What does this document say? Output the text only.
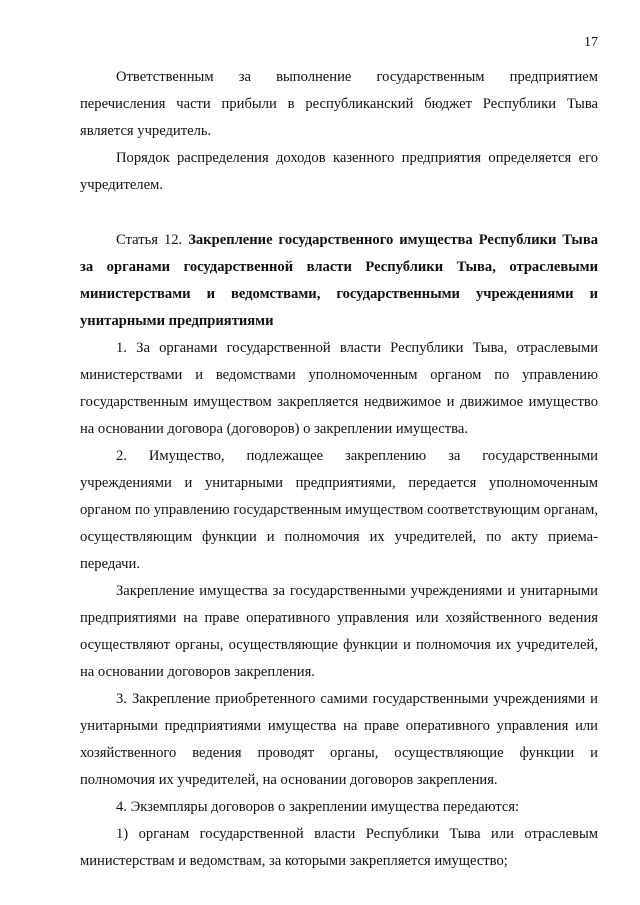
17

Ответственным за выполнение государственным предприятием перечисления части прибыли в республиканский бюджет Республики Тыва является учредитель.

Порядок распределения доходов казенного предприятия определяется его учредителем.

Статья 12. Закрепление государственного имущества Республики Тыва за органами государственной власти Республики Тыва, отраслевыми министерствами и ведомствами, государственными учреждениями и унитарными предприятиями

1. За органами государственной власти Республики Тыва, отраслевыми министерствами и ведомствами уполномоченным органом по управлению государственным имуществом закрепляется недвижимое и движимое имущество на основании договора (договоров) о закреплении имущества.

2. Имущество, подлежащее закреплению за государственными учреждениями и унитарными предприятиями, передается уполномоченным органом по управлению государственным имуществом соответствующим органам, осуществляющим функции и полномочия их учредителей, по акту приема-передачи.

Закрепление имущества за государственными учреждениями и унитарными предприятиями на праве оперативного управления или хозяйственного ведения осуществляют органы, осуществляющие функции и полномочия их учредителей, на основании договоров закрепления.

3. Закрепление приобретенного самими государственными учреждениями и унитарными предприятиями имущества на праве оперативного управления или хозяйственного ведения проводят органы, осуществляющие функции и полномочия их учредителей, на основании договоров закрепления.

4. Экземпляры договоров о закреплении имущества передаются:

1) органам государственной власти Республики Тыва или отраслевым министерствам и ведомствам, за которыми закрепляется имущество;
